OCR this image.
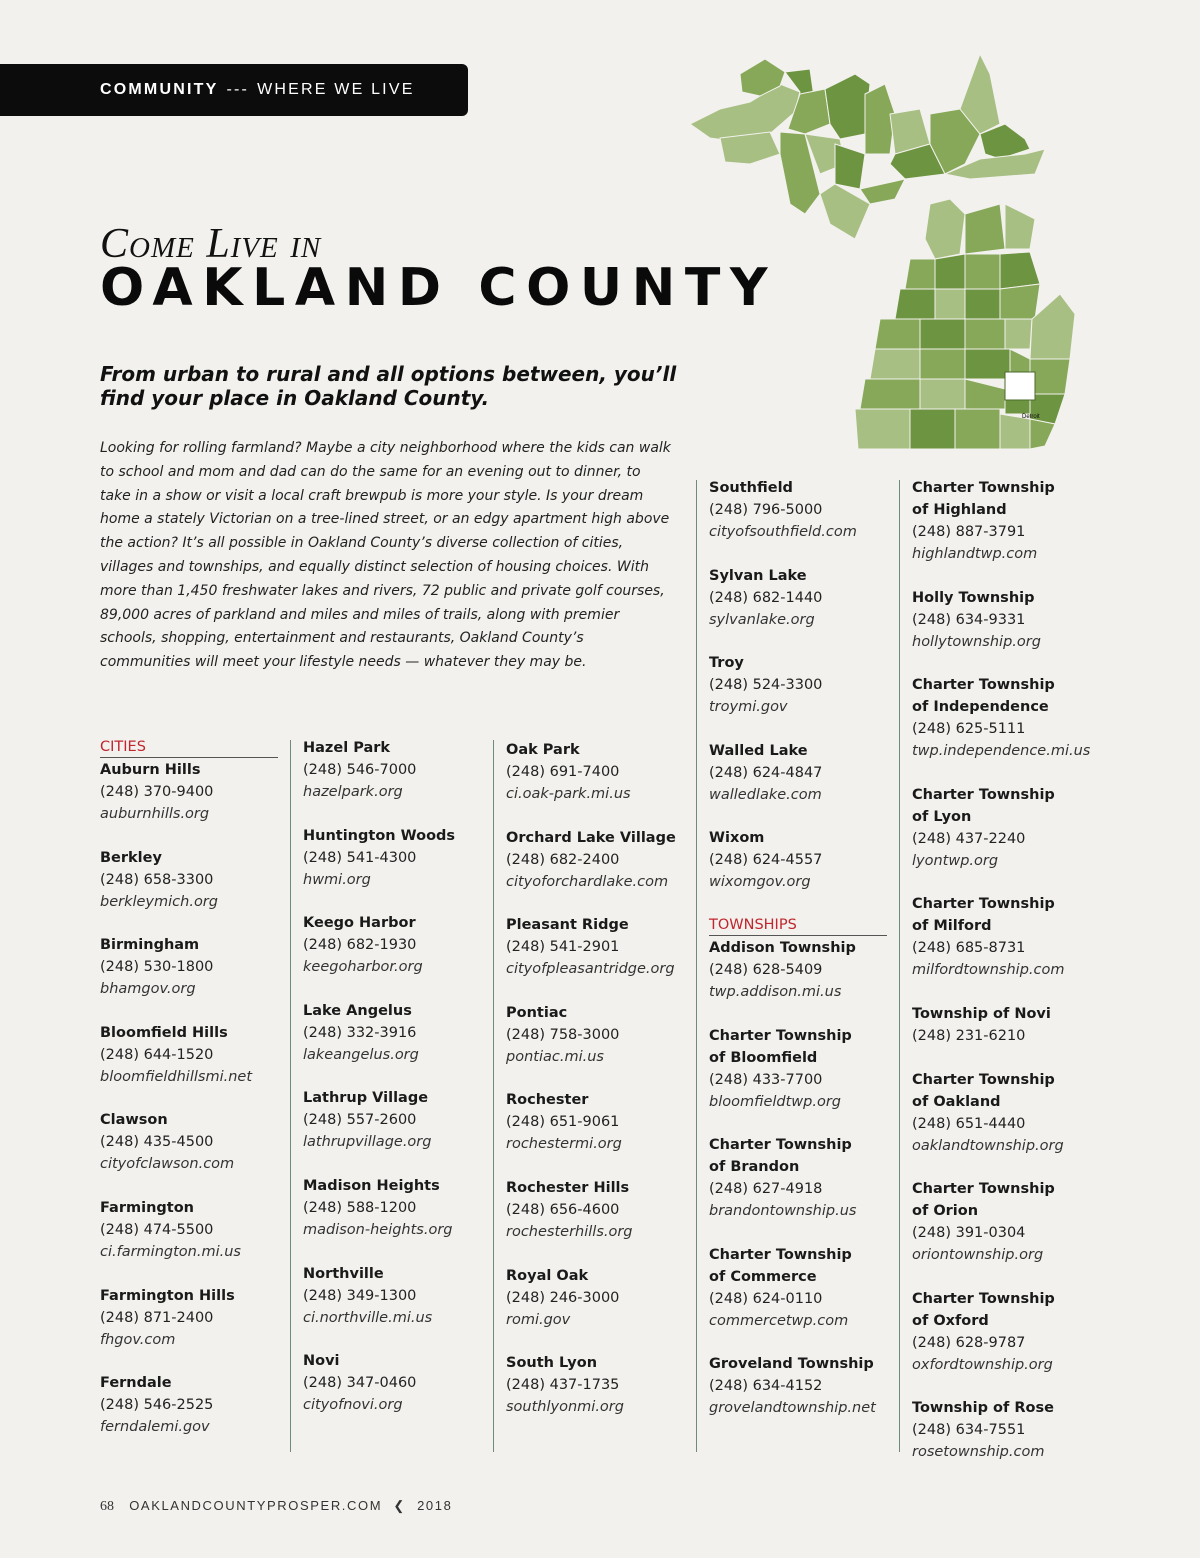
COMMUNITY --- WHERE WE LIVE
Come Live in
OAKLAND COUNTY
From urban to rural and all options between, you’ll find your place in Oakland County.
Looking for rolling farmland? Maybe a city neighborhood where the kids can walk to school and mom and dad can do the same for an evening out to dinner, to take in a show or visit a local craft brewpub is more your style. Is your dream home a stately Victorian on a tree-lined street, or an edgy apartment high above the action? It’s all possible in Oakland County’s diverse collection of cities, villages and townships, and equally distinct selection of housing choices. With more than 1,450 freshwater lakes and rivers, 72 public and private golf courses, 89,000 acres of parkland and miles and miles of trails, along with premier schools, shopping, entertainment and restaurants, Oakland County’s communities will meet your lifestyle needs — whatever they may be.
Detroit
CITIES
Auburn Hills
(248) 370-9400
auburnhills.org
Berkley
(248) 658-3300
berkleymich.org
Birmingham
(248) 530-1800
bhamgov.org
Bloomfield Hills
(248) 644-1520
bloomfieldhillsmi.net
Clawson
(248) 435-4500
cityofclawson.com
Farmington
(248) 474-5500
ci.farmington.mi.us
Farmington Hills
(248) 871-2400
fhgov.com
Ferndale
(248) 546-2525
ferndalemi.gov
Hazel Park
(248) 546-7000
hazelpark.org
Huntington Woods
(248) 541-4300
hwmi.org
Keego Harbor
(248) 682-1930
keegoharbor.org
Lake Angelus
(248) 332-3916
lakeangelus.org
Lathrup Village
(248) 557-2600
lathrupvillage.org
Madison Heights
(248) 588-1200
madison-heights.org
Northville
(248) 349-1300
ci.northville.mi.us
Novi
(248) 347-0460
cityofnovi.org
Oak Park
(248) 691-7400
ci.oak-park.mi.us
Orchard Lake Village
(248) 682-2400
cityoforchardlake.com
Pleasant Ridge
(248) 541-2901
cityofpleasantridge.org
Pontiac
(248) 758-3000
pontiac.mi.us
Rochester
(248) 651-9061
rochestermi.org
Rochester Hills
(248) 656-4600
rochesterhills.org
Royal Oak
(248) 246-3000
romi.gov
South Lyon
(248) 437-1735
southlyonmi.org
Southfield
(248) 796-5000
cityofsouthfield.com
Sylvan Lake
(248) 682-1440
sylvanlake.org
Troy
(248) 524-3300
troymi.gov
Walled Lake
(248) 624-4847
walledlake.com
Wixom
(248) 624-4557
wixomgov.org
TOWNSHIPS
Addison Township
(248) 628-5409
twp.addison.mi.us
Charter Township of Bloomfield
(248) 433-7700
bloomfieldtwp.org
Charter Township of Brandon
(248) 627-4918
brandontownship.us
Charter Township of Commerce
(248) 624-0110
commercetwp.com
Groveland Township
(248) 634-4152
grovelandtownship.net
Charter Township of Highland
(248) 887-3791
highlandtwp.com
Holly Township
(248) 634-9331
hollytownship.org
Charter Township of Independence
(248) 625-5111
twp.independence.mi.us
Charter Township of Lyon
(248) 437-2240
lyontwp.org
Charter Township of Milford
(248) 685-8731
milfordtownship.com
Township of Novi
(248) 231-6210
Charter Township of Oakland
(248) 651-4440
oaklandtownship.org
Charter Township of Orion
(248) 391-0304
oriontownship.org
Charter Township of Oxford
(248) 628-9787
oxfordtownship.org
Township of Rose
(248) 634-7551
rosetownship.com
68 OAKLANDCOUNTYPROSPER.COM ❮ 2018
